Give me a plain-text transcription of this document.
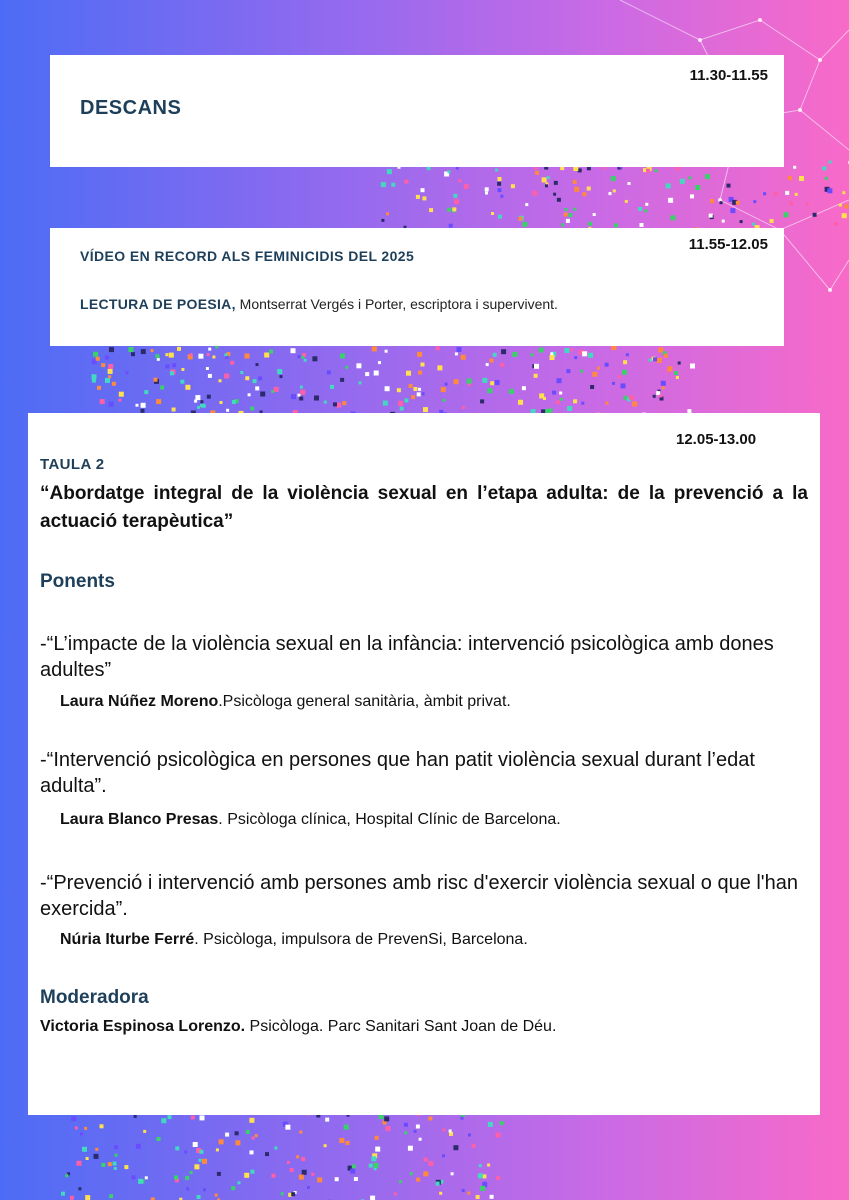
11.30-11.55
DESCANS
11.55-12.05
VÍDEO EN RECORD ALS FEMINICIDIS DEL 2025
LECTURA DE POESIA, Montserrat Vergés i Porter, escriptora i supervivent.
12.05-13.00
TAULA 2
“Abordatge integral de la violència sexual en l’etapa adulta: de la prevenció a la actuació terapèutica”
Ponents
-“L’impacte de la violència sexual en la infància: intervenció psicològica amb dones adultes”
Laura Núñez Moreno.Psicòloga general sanitària, àmbit privat.
-“Intervenció psicològica en persones que han patit violència sexual durant l’edat adulta”.
Laura Blanco Presas. Psicòloga clínica, Hospital Clínic de Barcelona.
-“Prevenció i intervenció amb persones amb risc d'exercir violència sexual o que l'han exercida”.
Núria Iturbe Ferré. Psicòloga, impulsora de PrevenSi, Barcelona.
Moderadora
Victoria Espinosa Lorenzo. Psicòloga. Parc Sanitari Sant Joan de Déu.
